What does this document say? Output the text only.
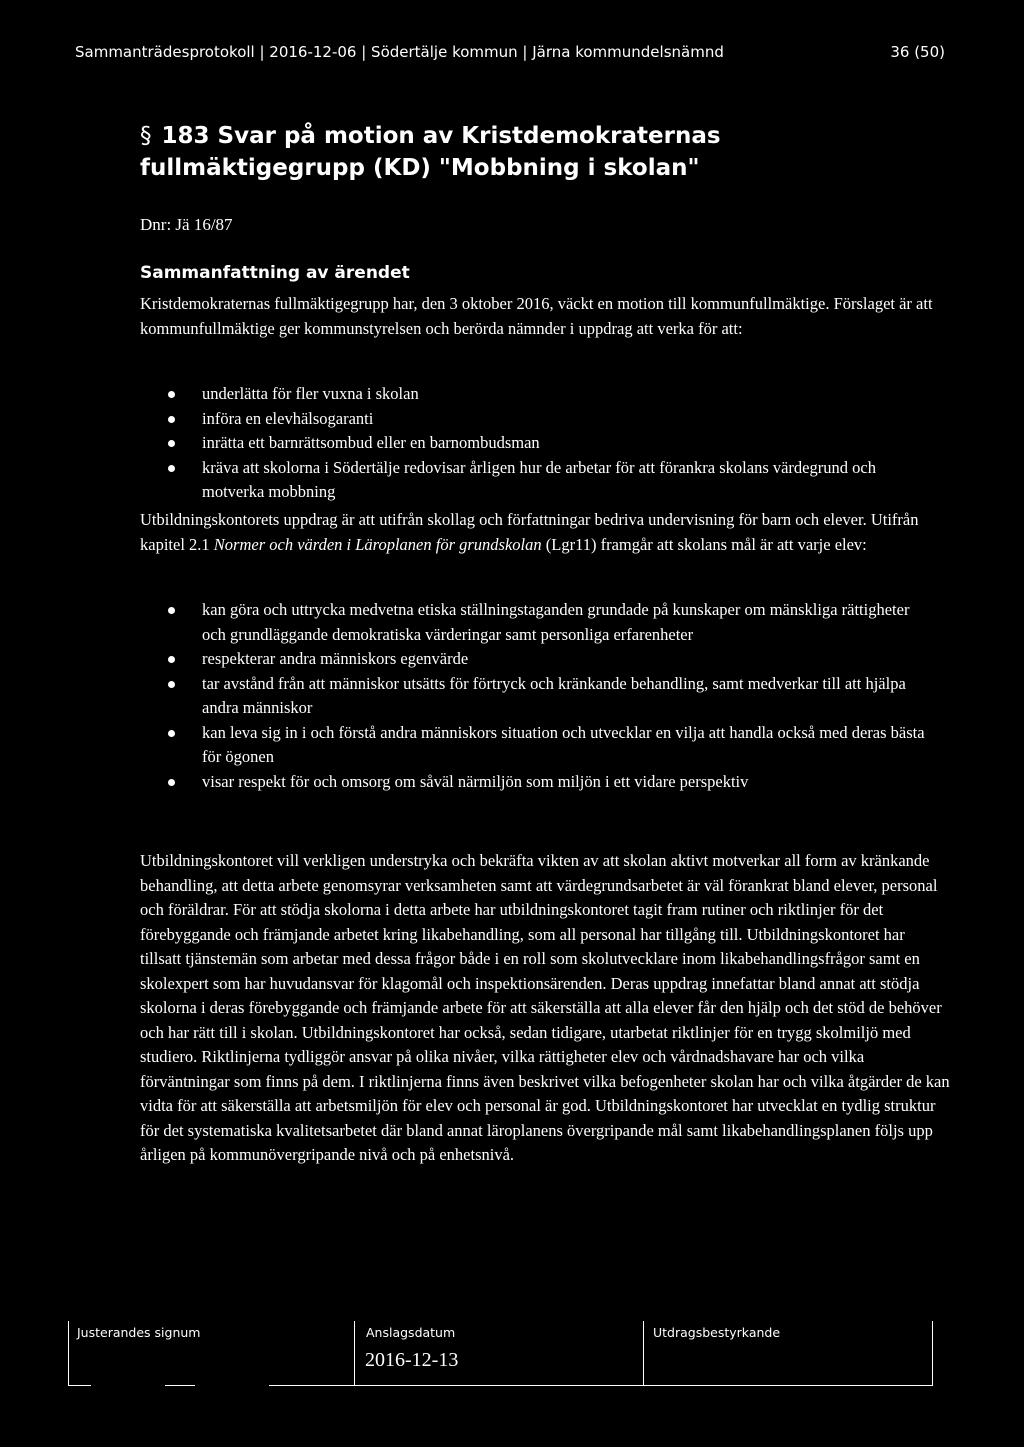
Sammanträdesprotokoll | 2016-12-06 | Södertälje kommun | Järna kommundelsnämnd	36 (50)
§ 183 Svar på motion av Kristdemokraternas fullmäktigegrupp (KD) "Mobbning i skolan"
Dnr: Jä 16/87
Sammanfattning av ärendet

Kristdemokraternas fullmäktigegrupp har, den 3 oktober 2016, väckt en motion till kommunfullmäktige. Förslaget är att kommunfullmäktige ger kommunstyrelsen och berörda nämnder i uppdrag att verka för att:

underlätta för fler vuxna i skolan
införa en elevhälsogaranti
inrätta ett barnrättsombud eller en barnombudsman
kräva att skolorna i Södertälje redovisar årligen hur de arbetar för att förankra skolans värdegrund och motverka mobbning

Utbildningskontorets uppdrag är att utifrån skollag och författningar bedriva undervisning för barn och elever. Utifrån kapitel 2.1 Normer och värden i Läroplanen för grundskolan (Lgr11) framgår att skolans mål är att varje elev:

kan göra och uttrycka medvetna etiska ställningstaganden grundade på kunskaper om mänskliga rättigheter och grundläggande demokratiska värderingar samt personliga erfarenheter
respekterar andra människors egenvärde
tar avstånd från att människor utsätts för förtryck och kränkande behandling, samt medverkar till att hjälpa andra människor
kan leva sig in i och förstå andra människors situation och utvecklar en vilja att handla också med deras bästa för ögonen
visar respekt för och omsorg om såväl närmiljön som miljön i ett vidare perspektiv

Utbildningskontoret vill verkligen understryka och bekräfta vikten av att skolan aktivt motverkar all form av kränkande behandling, att detta arbete genomsyrar verksamheten samt att värdegrundsarbetet är väl förankrat bland elever, personal och föräldrar. För att stödja skolorna i detta arbete har utbildningskontoret tagit fram rutiner och riktlinjer för det förebyggande och främjande arbetet kring likabehandling, som all personal har tillgång till. Utbildningskontoret har tillsatt tjänstemän som arbetar med dessa frågor både i en roll som skolutvecklare inom likabehandlingsfrågor samt en skolexpert som har huvudansvar för klagomål och inspektionsärenden. Deras uppdrag innefattar bland annat att stödja skolorna i deras förebyggande och främjande arbete för att säkerställa att alla elever får den hjälp och det stöd de behöver och har rätt till i skolan. Utbildningskontoret har också, sedan tidigare, utarbetat riktlinjer för en trygg skolmiljö med studiero. Riktlinjerna tydliggör ansvar på olika nivåer, vilka rättigheter elev och vårdnadshavare har och vilka förväntningar som finns på dem. I riktlinjerna finns även beskrivet vilka befogenheter skolan har och vilka åtgärder de kan vidta för att säkerställa att arbetsmiljön för elev och personal är god. Utbildningskontoret har utvecklat en tydlig struktur för det systematiska kvalitetsarbetet där bland annat läroplanens övergripande mål samt likabehandlingsplanen följs upp årligen på kommunövergripande nivå och på enhetsnivå.

Justerandes signum	Anslagsdatum
2016-12-13
Utdragsbestyrkande
